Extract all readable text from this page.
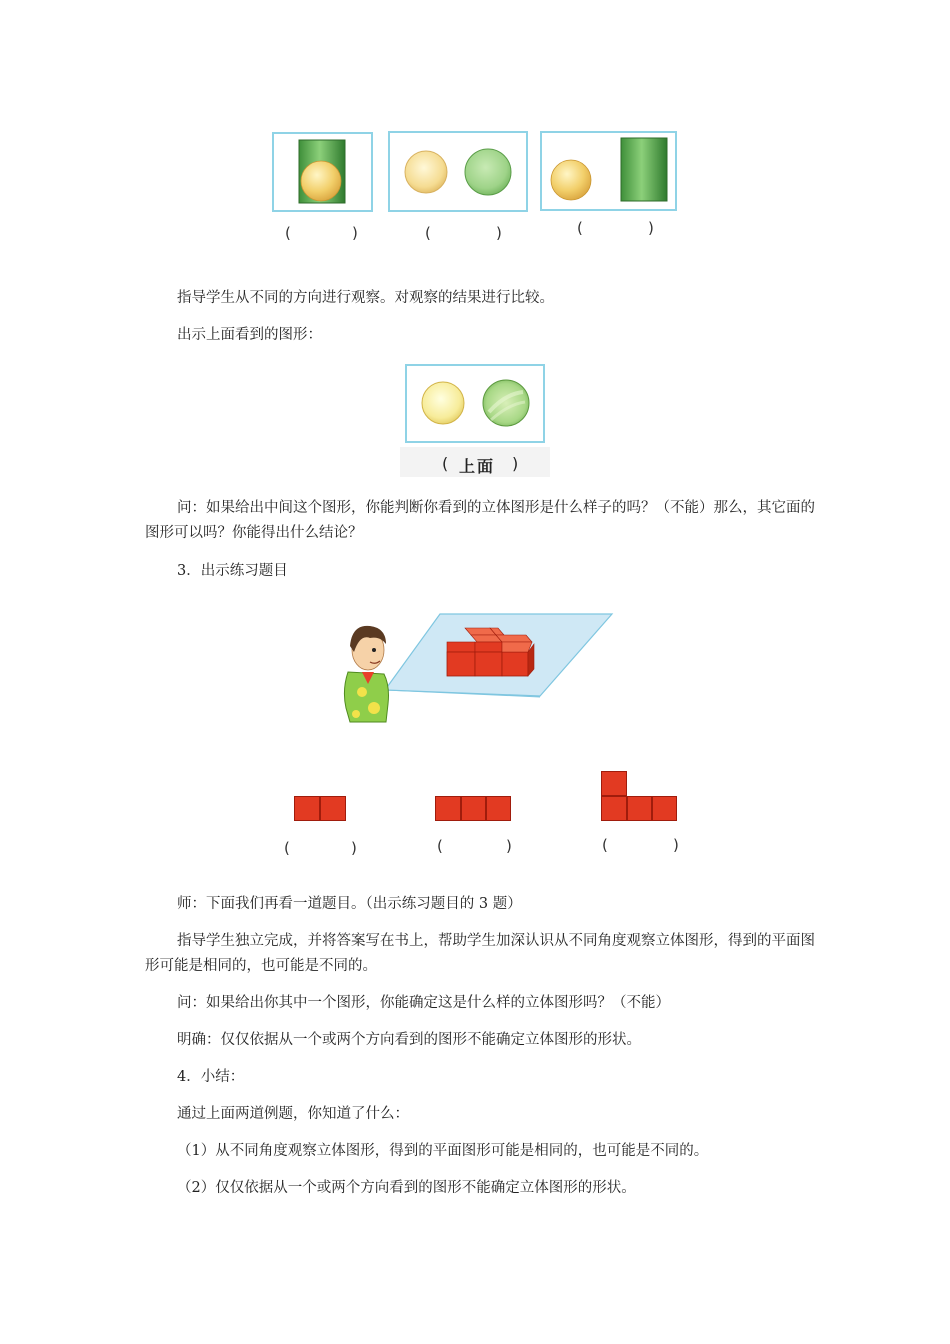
(	)	(	)	(	)
指导学生从不同的方向进行观察。对观察的结果进行比较。
出示上面看到的图形：
( 上面 )
问：如果给出中间这个图形，你能判断你看到的立体图形是什么样子的吗？（不能）那么，其它面的图形可以吗？你能得出什么结论？
3．出示练习题目
(	)	(	)	(	)
师：下面我们再看一道题目。（出示练习题目的 3 题）
指导学生独立完成，并将答案写在书上，帮助学生加深认识从不同角度观察立体图形，得到的平面图形可能是相同的，也可能是不同的。
问：如果给出你其中一个图形，你能确定这是什么样的立体图形吗？（不能）
明确：仅仅依据从一个或两个方向看到的图形不能确定立体图形的形状。
4．小结：
通过上面两道例题，你知道了什么：
（1）从不同角度观察立体图形，得到的平面图形可能是相同的，也可能是不同的。
（2）仅仅依据从一个或两个方向看到的图形不能确定立体图形的形状。
